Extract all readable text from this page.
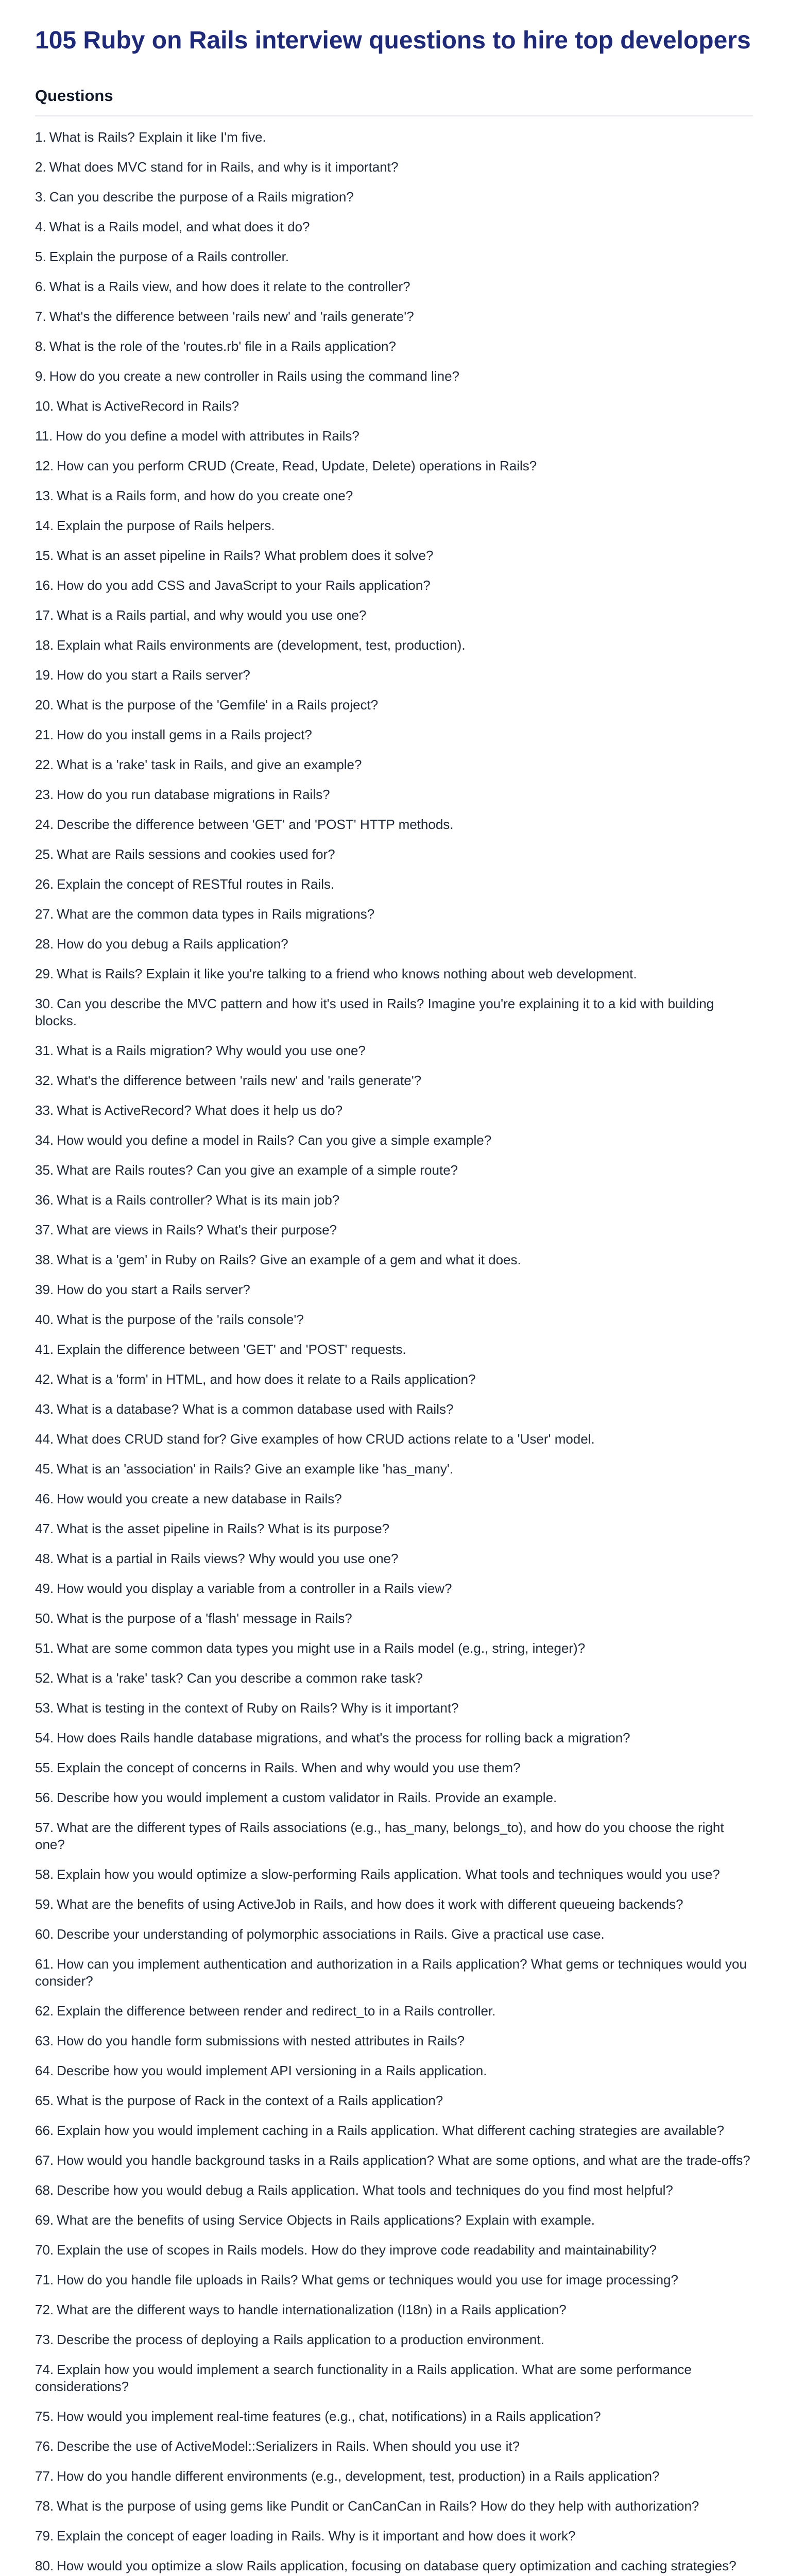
105 Ruby on Rails interview questions to hire top developers
Questions
1. What is Rails? Explain it like I'm five.
2. What does MVC stand for in Rails, and why is it important?
3. Can you describe the purpose of a Rails migration?
4. What is a Rails model, and what does it do?
5. Explain the purpose of a Rails controller.
6. What is a Rails view, and how does it relate to the controller?
7. What's the difference between 'rails new' and 'rails generate'?
8. What is the role of the 'routes.rb' file in a Rails application?
9. How do you create a new controller in Rails using the command line?
10. What is ActiveRecord in Rails?
11. How do you define a model with attributes in Rails?
12. How can you perform CRUD (Create, Read, Update, Delete) operations in Rails?
13. What is a Rails form, and how do you create one?
14. Explain the purpose of Rails helpers.
15. What is an asset pipeline in Rails? What problem does it solve?
16. How do you add CSS and JavaScript to your Rails application?
17. What is a Rails partial, and why would you use one?
18. Explain what Rails environments are (development, test, production).
19. How do you start a Rails server?
20. What is the purpose of the 'Gemfile' in a Rails project?
21. How do you install gems in a Rails project?
22. What is a 'rake' task in Rails, and give an example?
23. How do you run database migrations in Rails?
24. Describe the difference between 'GET' and 'POST' HTTP methods.
25. What are Rails sessions and cookies used for?
26. Explain the concept of RESTful routes in Rails.
27. What are the common data types in Rails migrations?
28. How do you debug a Rails application?
29. What is Rails? Explain it like you're talking to a friend who knows nothing about web development.
30. Can you describe the MVC pattern and how it's used in Rails? Imagine you're explaining it to a kid with building blocks.
31. What is a Rails migration? Why would you use one?
32. What's the difference between 'rails new' and 'rails generate'?
33. What is ActiveRecord? What does it help us do?
34. How would you define a model in Rails? Can you give a simple example?
35. What are Rails routes? Can you give an example of a simple route?
36. What is a Rails controller? What is its main job?
37. What are views in Rails? What's their purpose?
38. What is a 'gem' in Ruby on Rails? Give an example of a gem and what it does.
39. How do you start a Rails server?
40. What is the purpose of the 'rails console'?
41. Explain the difference between 'GET' and 'POST' requests.
42. What is a 'form' in HTML, and how does it relate to a Rails application?
43. What is a database? What is a common database used with Rails?
44. What does CRUD stand for? Give examples of how CRUD actions relate to a 'User' model.
45. What is an 'association' in Rails? Give an example like 'has_many'.
46. How would you create a new database in Rails?
47. What is the asset pipeline in Rails? What is its purpose?
48. What is a partial in Rails views? Why would you use one?
49. How would you display a variable from a controller in a Rails view?
50. What is the purpose of a 'flash' message in Rails?
51. What are some common data types you might use in a Rails model (e.g., string, integer)?
52. What is a 'rake' task? Can you describe a common rake task?
53. What is testing in the context of Ruby on Rails? Why is it important?
54. How does Rails handle database migrations, and what's the process for rolling back a migration?
55. Explain the concept of concerns in Rails. When and why would you use them?
56. Describe how you would implement a custom validator in Rails. Provide an example.
57. What are the different types of Rails associations (e.g., has_many, belongs_to), and how do you choose the right one?
58. Explain how you would optimize a slow-performing Rails application. What tools and techniques would you use?
59. What are the benefits of using ActiveJob in Rails, and how does it work with different queueing backends?
60. Describe your understanding of polymorphic associations in Rails. Give a practical use case.
61. How can you implement authentication and authorization in a Rails application? What gems or techniques would you consider?
62. Explain the difference between render and redirect_to in a Rails controller.
63. How do you handle form submissions with nested attributes in Rails?
64. Describe how you would implement API versioning in a Rails application.
65. What is the purpose of Rack in the context of a Rails application?
66. Explain how you would implement caching in a Rails application. What different caching strategies are available?
67. How would you handle background tasks in a Rails application? What are some options, and what are the trade-offs?
68. Describe how you would debug a Rails application. What tools and techniques do you find most helpful?
69. What are the benefits of using Service Objects in Rails applications? Explain with example.
70. Explain the use of scopes in Rails models. How do they improve code readability and maintainability?
71. How do you handle file uploads in Rails? What gems or techniques would you use for image processing?
72. What are the different ways to handle internationalization (I18n) in a Rails application?
73. Describe the process of deploying a Rails application to a production environment.
74. Explain how you would implement a search functionality in a Rails application. What are some performance considerations?
75. How would you implement real-time features (e.g., chat, notifications) in a Rails application?
76. Describe the use of ActiveModel::Serializers in Rails. When should you use it?
77. How do you handle different environments (e.g., development, test, production) in a Rails application?
78. What is the purpose of using gems like Pundit or CanCanCan in Rails? How do they help with authorization?
79. Explain the concept of eager loading in Rails. Why is it important and how does it work?
80. How would you optimize a slow Rails application, focusing on database query optimization and caching strategies?
